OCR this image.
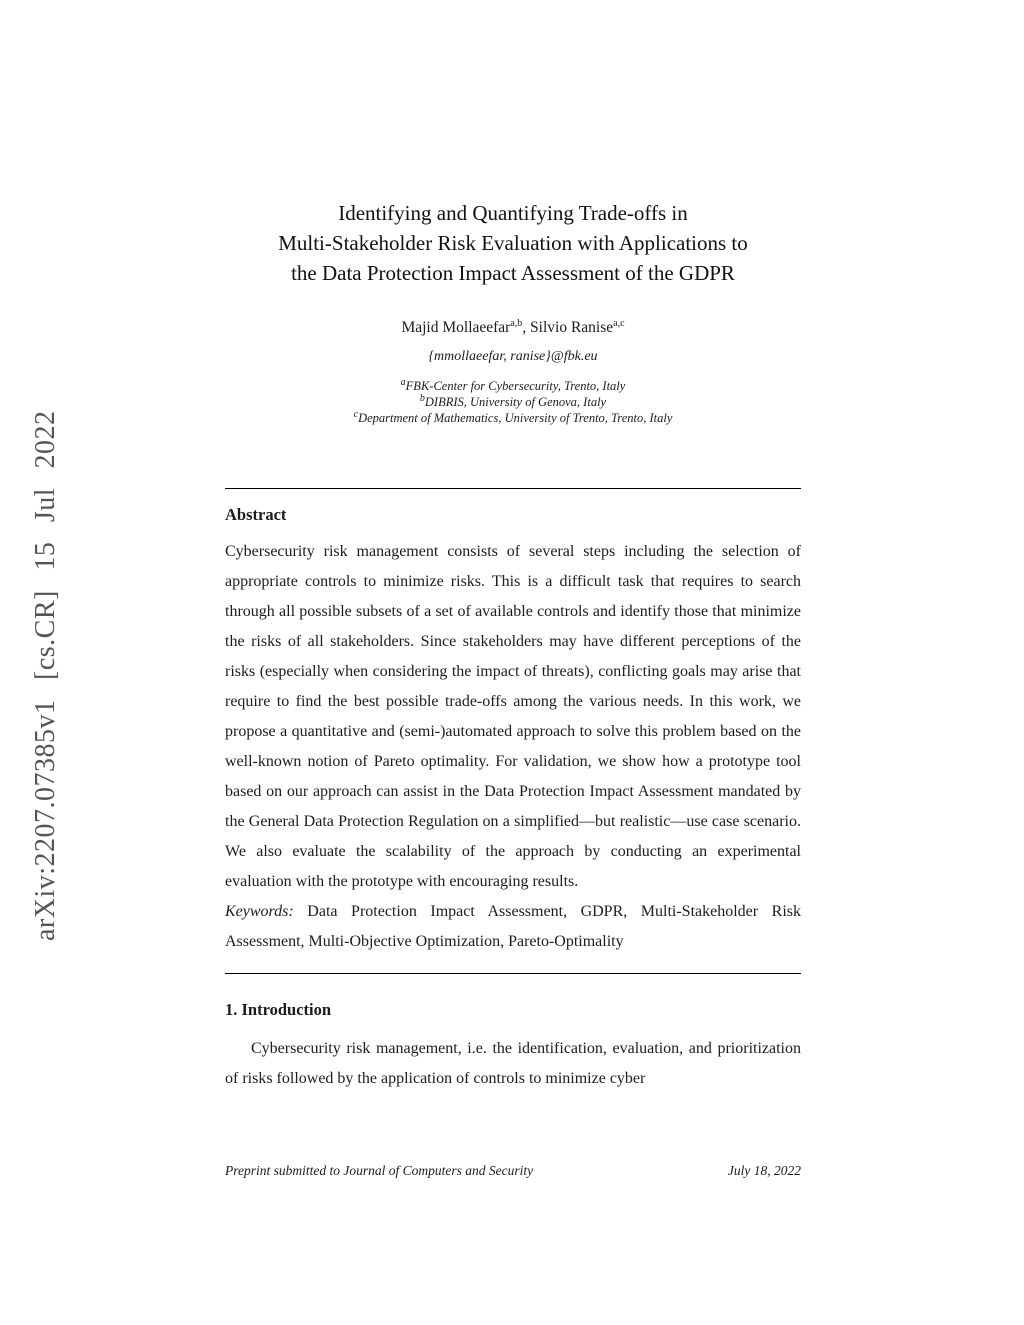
arXiv:2207.07385v1 [cs.CR] 15 Jul 2022
Identifying and Quantifying Trade-offs in
Multi-Stakeholder Risk Evaluation with Applications to
the Data Protection Impact Assessment of the GDPR
Majid Mollaeefar$^{a,b}$, Silvio Ranise$^{a,c}$
{mmollaeefar, ranise}@fbk.eu
$^a$FBK-Center for Cybersecurity, Trento, Italy
$^b$DIBRIS, University of Genova, Italy
$^c$Department of Mathematics, University of Trento, Trento, Italy
Abstract
Cybersecurity risk management consists of several steps including the selection of appropriate controls to minimize risks. This is a difficult task that requires to search through all possible subsets of a set of available controls and identify those that minimize the risks of all stakeholders. Since stakeholders may have different perceptions of the risks (especially when considering the impact of threats), conflicting goals may arise that require to find the best possible trade-offs among the various needs. In this work, we propose a quantitative and (semi-)automated approach to solve this problem based on the well-known notion of Pareto optimality. For validation, we show how a prototype tool based on our approach can assist in the Data Protection Impact Assessment mandated by the General Data Protection Regulation on a simplified—but realistic—use case scenario. We also evaluate the scalability of the approach by conducting an experimental evaluation with the prototype with encouraging results.
Keywords: Data Protection Impact Assessment, GDPR, Multi-Stakeholder Risk Assessment, Multi-Objective Optimization, Pareto-Optimality
1. Introduction
Cybersecurity risk management, i.e. the identification, evaluation, and prioritization of risks followed by the application of controls to minimize cyber
Preprint submitted to Journal of Computers and Security	July 18, 2022
